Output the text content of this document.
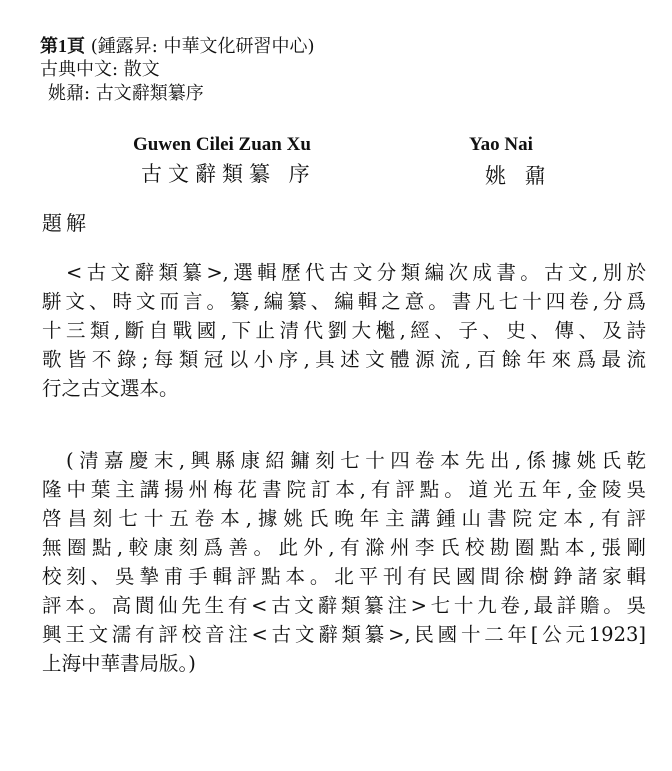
第1頁 (鍾露昇: 中華文化研習中心)
古典中文: 散文
姚鼐: 古文辭類纂序
Guwen Cilei Zuan Xu
古文辭類纂 序
Yao Nai
姚 鼐
題解
<古文辭類纂>,選輯歷代古文分類編次成書。古文,別於
駢文、時文而言。纂,編纂、編輯之意。書凡七十四卷,分爲
十三類,斷自戰國,下止清代劉大櫆,經、子、史、傳、及詩
歌皆不錄;每類冠以小序,具述文體源流,百餘年來爲最流
行之古文選本。
(清嘉慶末,興縣康紹鏞刻七十四卷本先出,係據姚氏乾
隆中葉主講揚州梅花書院訂本,有評點。道光五年,金陵吳
啓昌刻七十五卷本,據姚氏晚年主講鍾山書院定本,有評
無圈點,較康刻爲善。此外,有滁州李氏校勘圈點本,張剛
校刻、吳摯甫手輯評點本。北平刊有民國間徐樹錚諸家輯
評本。高閬仙先生有<古文辭類纂注>七十九卷,最詳贍。吳
興王文濡有評校音注<古文辭類纂>,民國十二年[公元1923]
上海中華書局版。)
